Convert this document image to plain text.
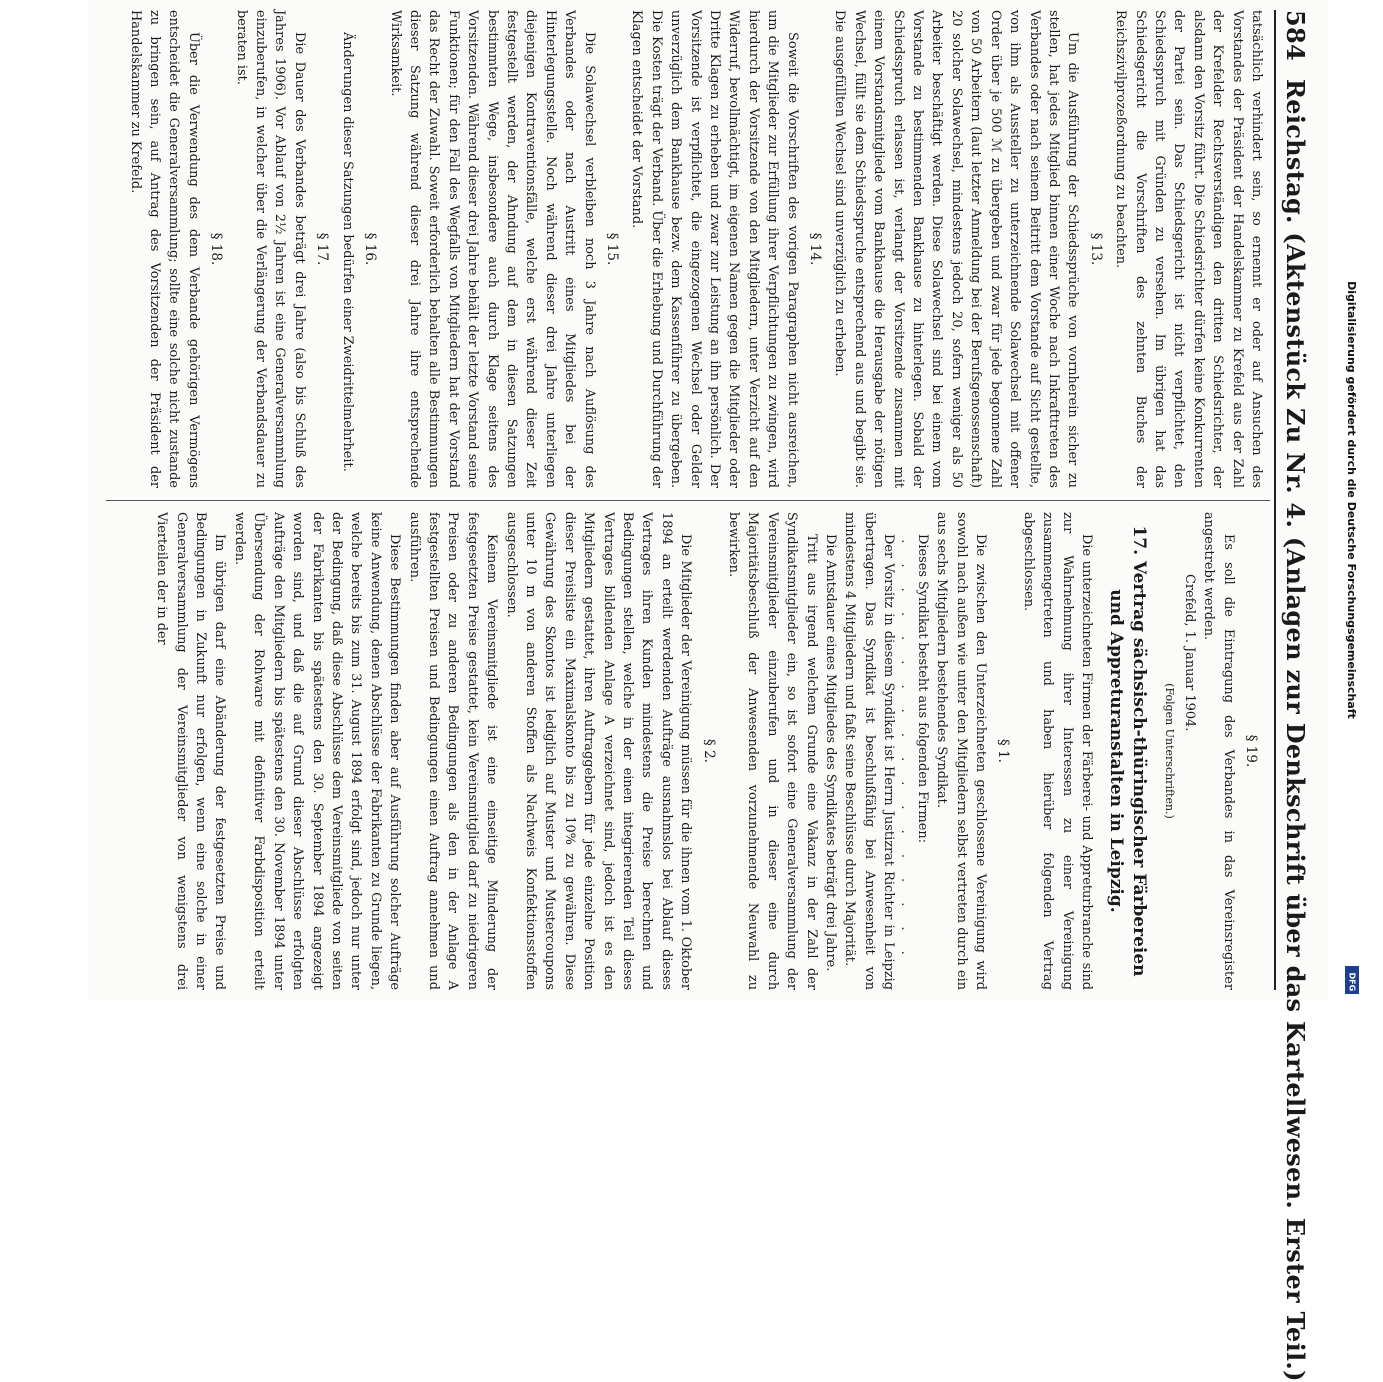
584
Reichstag. (Aktenstück Zu Nr. 4. (Anlagen zur Denkschrift über das Kartellwesen. Erster Teil.)

tatsächlich verhindert sein, so ernennt er oder auf Ansuchen des Vorstandes der Präsident der Handelskammer zu Krefeld aus der Zahl der Krefelder Rechtsverständigen den dritten Schiedsrichter, der alsdann den Vorsitz führt. Die Schiedsrichter dürfen keine Konkurrenten der Partei sein. Das Schiedsgericht ist nicht verpflichtet, den Schiedsspruch mit Gründen zu versehen. Im übrigen hat das Schiedsgericht die Vorschriften des zehnten Buches der Reichszivilprozeßordnung zu beachten.

§ 13.

Um die Ausführung der Schiedssprüche von vornherein sicher zu stellen, hat jedes Mitglied binnen einer Woche nach Inkrafttreten des Verbandes oder nach seinem Beitritt dem Vorstande auf Sicht gestellte, von ihm als Aussteller zu unterzeichnende Solawechsel mit offener Order über je 500 ℳ zu übergeben und zwar für jede begonnene Zahl von 50 Arbeitern (laut letzter Anmeldung bei der Berufsgenossenschaft) 20 solcher Solawechsel, mindestens jedoch 20, sofern weniger als 50 Arbeiter beschäftigt werden. Diese Solawechsel sind bei einem vom Vorstande zu bestimmenden Bankhause zu hinterlegen. Sobald der Schiedsspruch erlassen ist, verlangt der Vorsitzende zusammen mit einem Vorstandsmitgliede vom Bankhause die Herausgabe der nötigen Wechsel, füllt sie dem Schiedsspruche entsprechend aus und begibt sie. Die ausgefüllten Wechsel sind unverzüglich zu erheben.

§ 14.

Soweit die Vorschriften des vorigen Paragraphen nicht ausreichen, um die Mitglieder zur Erfüllung ihrer Verpflichtungen zu zwingen, wird hierdurch der Vorsitzende von den Mitgliedern, unter Verzicht auf den Widerruf, bevollmächtigt, im eigenen Namen gegen die Mitglieder oder Dritte Klagen zu erheben und zwar zur Leistung an ihn persönlich. Der Vorsitzende ist verpflichtet, die eingezogenen Wechsel oder Gelder unverzüglich dem Bankhause bezw. dem Kassenführer zu übergeben. Die Kosten trägt der Verband. Über die Erhebung und Durchführung der Klagen entscheidet der Vorstand.

§ 15.

Die Solawechsel verbleiben noch 3 Jahre nach Auflösung des Verbandes oder nach Austritt eines Mitgliedes bei der Hinterlegungsstelle. Noch während dieser drei Jahre unterliegen diejenigen Kontraventionsfälle, welche erst während dieser Zeit festgestellt werden, der Ahndung auf dem in diesen Satzungen bestimmten Wege, insbesondere auch durch Klage seitens des Vorsitzenden. Während dieser drei Jahre behält der letzte Vorstand seine Funktionen; für den Fall des Wegfalls von Mitgliedern hat der Vorstand das Recht der Zuwahl. Soweit erforderlich behalten alle Bestimmungen dieser Satzung während dieser drei Jahre ihre entsprechende Wirksamkeit.

§ 16.

Änderungen dieser Satzungen bedürfen einer Zweidrittelmehrheit.

§ 17.

Die Dauer des Verbandes beträgt drei Jahre (also bis Schluß des Jahres 1906). Vor Ablauf von 2½ Jahren ist eine Generalversammlung einzuberufen, in welcher über die Verlängerung der Verbandsdauer zu beraten ist.

§ 18.

Über die Verwendung des dem Verbande gehörigen Vermögens entscheidet die Generalversammlung; sollte eine solche nicht zustande zu bringen sein, auf Antrag des Vorsitzenden der Präsident der Handelskammer zu Krefeld.

§ 19.

Es soll die Eintragung des Verbandes in das Vereinsregister angestrebt werden.

Crefeld, 1. Januar 1904.

(Folgen Unterschriften.)
17. Vertrag sächsisch-thüringischer Färbereien und Appreturanstalten in Leipzig.

Die unterzeichneten Firmen der Färberei- und Appreturbranche sind zur Wahrnehmung ihrer Interessen zu einer Vereinigung zusammengetreten und haben hierüber folgenden Vertrag abgeschlossen.

§ 1.

Die zwischen den Unterzeichneten geschlossene Vereinigung wird sowohl nach außen wie unter den Mitgliedern selbst vertreten durch ein aus sechs Mitgliedern bestehendes Syndikat.

Dieses Syndikat besteht aus folgenden Firmen:

. . . . . . . . . . . . . . . . . .

Der Vorsitz in diesem Syndikat ist Herrn Justizrat Richter in Leipzig übertragen. Das Syndikat ist beschlußfähig bei Anwesenheit von mindestens 4 Mitgliedern und faßt seine Beschlüsse durch Majorität.

Die Amtsdauer eines Mitgliedes des Syndikates beträgt drei Jahre.

Tritt aus irgend welchem Grunde eine Vakanz in der Zahl der Syndikatsmitglieder ein, so ist sofort eine Generalversammlung der Vereinsmitglieder einzuberufen und in dieser eine durch Majoritätsbeschluß der Anwesenden vorzunehmende Neuwahl zu bewirken.

§ 2.

Die Mitglieder der Vereinigung müssen für die ihnen vom 1. Oktober 1894 an erteilt werdenden Aufträge ausnahmslos bei Ablauf dieses Vertrages ihren Kunden mindestens die Preise berechnen und Bedingungen stellen, welche in der einen integrierenden Teil dieses Vertrages bildenden Anlage A verzeichnet sind, jedoch ist es den Mitgliedern gestattet, ihren Auftraggebern für jede einzelne Position dieser Preisliste ein Maximalskonto bis zu 10% zu gewähren. Diese Gewährung des Skontos ist lediglich auf Muster und Mustercoupons unter 10 m von anderen Stoffen als Nachweis Konfektionsstoffen ausgeschlossen.

Keinem Vereinsmitgliede ist eine einseitige Minderung der festgesetzten Preise gestattet, kein Vereinsmitglied darf zu niedrigeren Preisen oder zu anderen Bedingungen als den in der Anlage A festgestellten Preisen und Bedingungen einen Auftrag annehmen und ausführen.

Diese Bestimmungen finden aber auf Ausführung solcher Aufträge keine Anwendung, denen Abschlüsse der Fabrikanten zu Grunde liegen, welche bereits bis zum 31. August 1894 erfolgt sind, jedoch nur unter der Bedingung, daß diese Abschlüsse dem Vereinsmitgliede von seiten der Fabrikanten bis spätestens den 30. September 1894 angezeigt worden sind, und daß die auf Grund dieser Abschlüsse erfolgten Aufträge den Mitgliedern bis spätestens den 30. November 1894 unter Übersendung der Rohware mit definitiver Farbdisposition erteilt werden.

Im übrigen darf eine Abänderung der festgesetzten Preise und Bedingungen in Zukunft nur erfolgen, wenn eine solche in einer Generalversammlung der Vereinsmitglieder von wenigstens drei Vierteilen der in der	Digitalisierung gefördert durch die Deutsche Forschungsgemeinschaft
DFG
